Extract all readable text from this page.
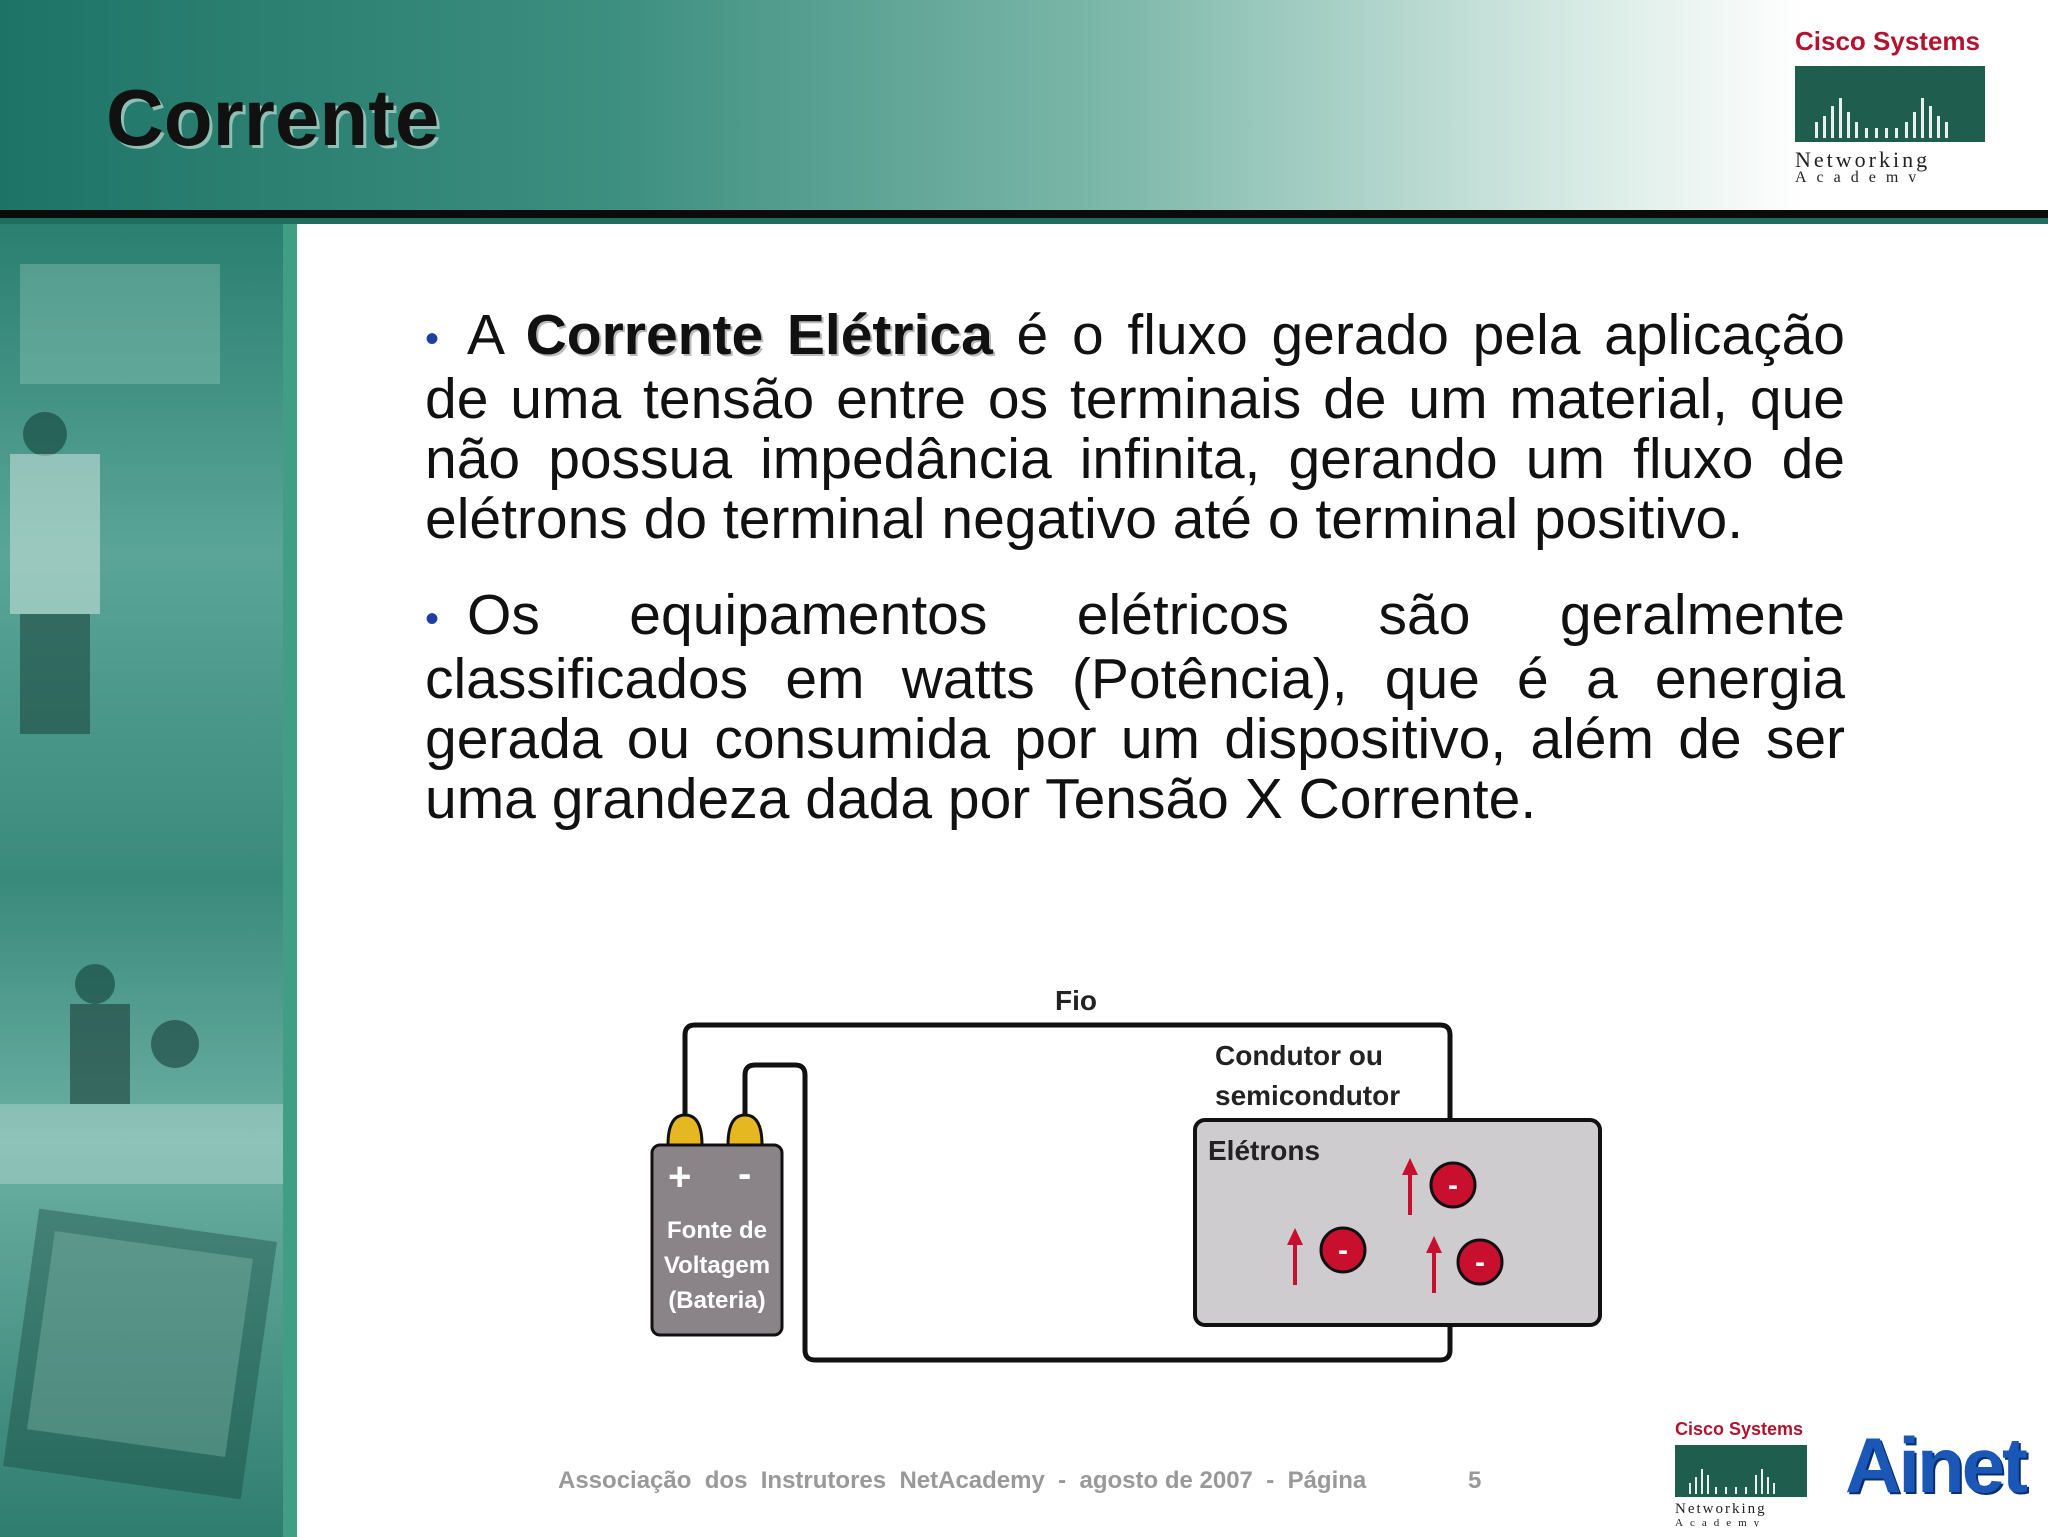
Corrente
Cisco Systems
Networking
Academy

• A Corrente Elétrica é o fluxo gerado pela aplicação de uma tensão entre os terminais de um material, que não possua impedância infinita, gerando um fluxo de elétrons do terminal negativo até o terminal positivo.

• Os equipamentos elétricos são geralmente classificados em watts (Potência), que é a energia gerada ou consumida por um dispositivo, além de ser uma grandeza dada por Tensão X Corrente.

Fio
Condutor ou
semicondutor
+ -
Fonte de
Voltagem
(Bateria)
Elétrons
-
-	-
Associação  dos  Instrutores  NetAcademy  -  agosto de 2007  -  Página	5
Cisco Systems
Networking
Academy
Ainet
